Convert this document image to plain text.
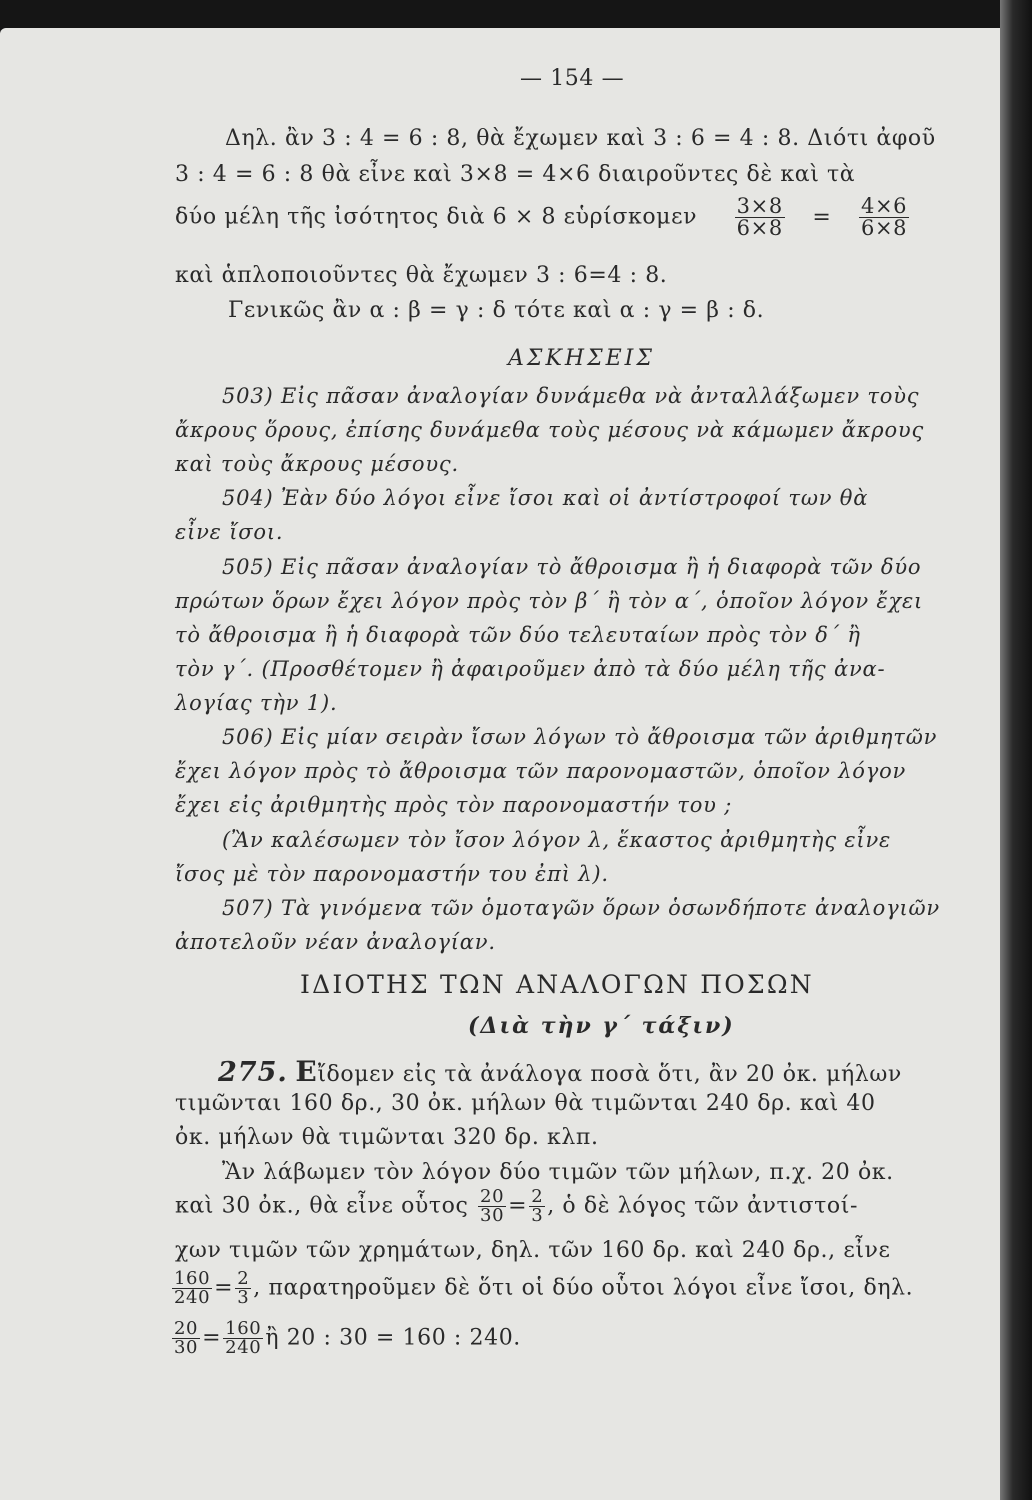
— 154 —
Δηλ. ἂν 3 : 4 = 6 : 8, θὰ ἔχωμεν καὶ 3 : 6 = 4 : 8. Διότι ἀφοῦ
3 : 4 = 6 : 8 θὰ εἶνε καὶ 3×8 = 4×6 διαιροῦντες δὲ καὶ τὰ
δύο μέλη τῆς ἰσότητος διὰ 6 × 8 εὑρίσκομεν $\frac{3\times 8}{6\times 8} = \frac{4\times 6}{6\times 8}$
καὶ ἁπλοποιοῦντες θὰ ἔχωμεν 3 : 6=4 : 8.
Γενικῶς ἂν α : β = γ : δ τότε καὶ α : γ = β : δ.
ΑΣΚΗΣΕΙΣ
503) Εἰς πᾶσαν ἀναλογίαν δυνάμεθα νὰ ἀνταλλάξωμεν τοὺς
ἄκρους ὅρους, ἐπίσης δυνάμεθα τοὺς μέσους νὰ κάμωμεν ἄκρους
καὶ τοὺς ἄκρους μέσους.
504) Ἐὰν δύο λόγοι εἶνε ἴσοι καὶ οἱ ἀντίστροφοί των θὰ
εἶνε ἴσοι.
505) Εἰς πᾶσαν ἀναλογίαν τὸ ἄθροισμα ἢ ἡ διαφορὰ τῶν δύο
πρώτων ὅρων ἔχει λόγον πρὸς τὸν β΄ ἢ τὸν α΄, ὁποῖον λόγον ἔχει
τὸ ἄθροισμα ἢ ἡ διαφορὰ τῶν δύο τελευταίων πρὸς τὸν δ΄ ἢ
τὸν γ΄. (Προσθέτομεν ἢ ἀφαιροῦμεν ἀπὸ τὰ δύο μέλη τῆς ἀνα-
λογίας τὴν 1).
506) Εἰς μίαν σειρὰν ἴσων λόγων τὸ ἄθροισμα τῶν ἀριθμητῶν
ἔχει λόγον πρὸς τὸ ἄθροισμα τῶν παρονομαστῶν, ὁποῖον λόγον
ἔχει εἰς ἀριθμητὴς πρὸς τὸν παρονομαστήν του ;
(Ἂν καλέσωμεν τὸν ἴσον λόγον λ, ἕκαστος ἀριθμητὴς εἶνε
ἴσος μὲ τὸν παρονομαστήν του ἐπὶ λ).
507) Τὰ γινόμενα τῶν ὁμοταγῶν ὅρων ὁσωνδήποτε ἀναλογιῶν
ἀποτελοῦν νέαν ἀναλογίαν.
ΙΔΙΟΤΗΣ ΤΩΝ ΑΝΑΛΟΓΩΝ ΠΟΣΩΝ
(Διὰ τὴν γ΄ τάξιν)
275. Εἴδομεν εἰς τὰ ἀνάλογα ποσὰ ὅτι, ἂν 20 ὀκ. μήλων
τιμῶνται 160 δρ., 30 ὀκ. μήλων θὰ τιμῶνται 240 δρ. καὶ 40
ὀκ. μήλων θὰ τιμῶνται 320 δρ. κλπ.
Ἂν λάβωμεν τὸν λόγον δύο τιμῶν τῶν μήλων, π.χ. 20 ὀκ.
καὶ 30 ὀκ., θὰ εἶνε οὗτος $\frac{20}{30} = \frac{2}{3}$ , ὁ δὲ λόγος τῶν ἀντιστοί-
χων τιμῶν τῶν χρημάτων, δηλ. τῶν 160 δρ. καὶ 240 δρ., εἶνε
$\frac{160}{240} = \frac{2}{3}$ , παρατηροῦμεν δὲ ὅτι οἱ δύο οὗτοι λόγοι εἶνε ἴσοι, δηλ.
$\frac{20}{30} = \frac{160}{240}$ ἢ 20 : 30 = 160 : 240.
